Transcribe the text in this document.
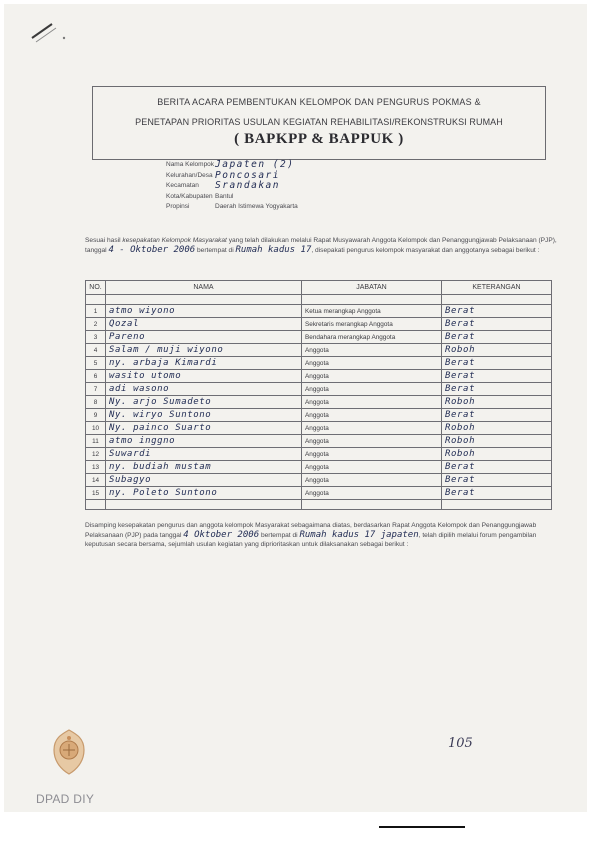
BERITA ACARA PEMBENTUKAN KELOMPOK DAN PENGURUS POKMAS &
PENETAPAN PRIORITAS USULAN KEGIATAN REHABILITASI/REKONSTRUKSI RUMAH
( BAPKPP & BAPPUK )
Nama Kelompok Japaten (2)
Kelurahan/Desa Poncosari
Kecamatan Srandakan
Kota/Kabupaten Bantul
Propinsi	Daerah Istimewa Yogyakarta
Sesuai hasil kesepakatan Kelompok Masyarakat yang telah dilakukan melalui Rapat Musyawarah Anggota Kelompok dan Penanggungjawab Pelaksanaan (PJP), tanggal 4 - Oktober 2006 bertempat di Rumah kadus 17, disepakati pengurus kelompok masyarakat dan anggotanya sebagai berikut :
NO.	NAMA	JABATAN	KETERANGAN

1	atmo wiyono	Ketua merangkap Anggota	Berat
2	Qozal	Sekretaris merangkap Anggota	Berat
3	Pareno	Bendahara merangkap Anggota	Berat
4	Salam / muji wiyono	Anggota	Roboh
5	ny. arbaja Kimardi	Anggota	Berat
6	wasito utomo	Anggota	Berat
7	adi wasono	Anggota	Berat
8	Ny. arjo Sumadeto	Anggota	Roboh
9	Ny. wiryo Suntono	Anggota	Berat
10	Ny. painco Suarto	Anggota	Roboh
11	atmo inggno	Anggota	Roboh
12	Suwardi	Anggota	Roboh
13	ny. budiah mustam	Anggota	Berat
14	Subagyo	Anggota	Berat
15	ny. Poleto Suntono	Anggota	Berat

Disamping kesepakatan pengurus dan anggota kelompok Masyarakat sebagaimana diatas, berdasarkan Rapat Anggota Kelompok dan Penanggungjawab Pelaksanaan (PJP) pada tanggal 4 Oktober 2006 bertempat di Rumah kadus 17 japaten, telah dipilih melalui forum pengambilan keputusan secara bersama, sejumlah usulan kegiatan yang diprioritaskan untuk dilaksanakan sebagai berikut :
105
DPAD DIY
